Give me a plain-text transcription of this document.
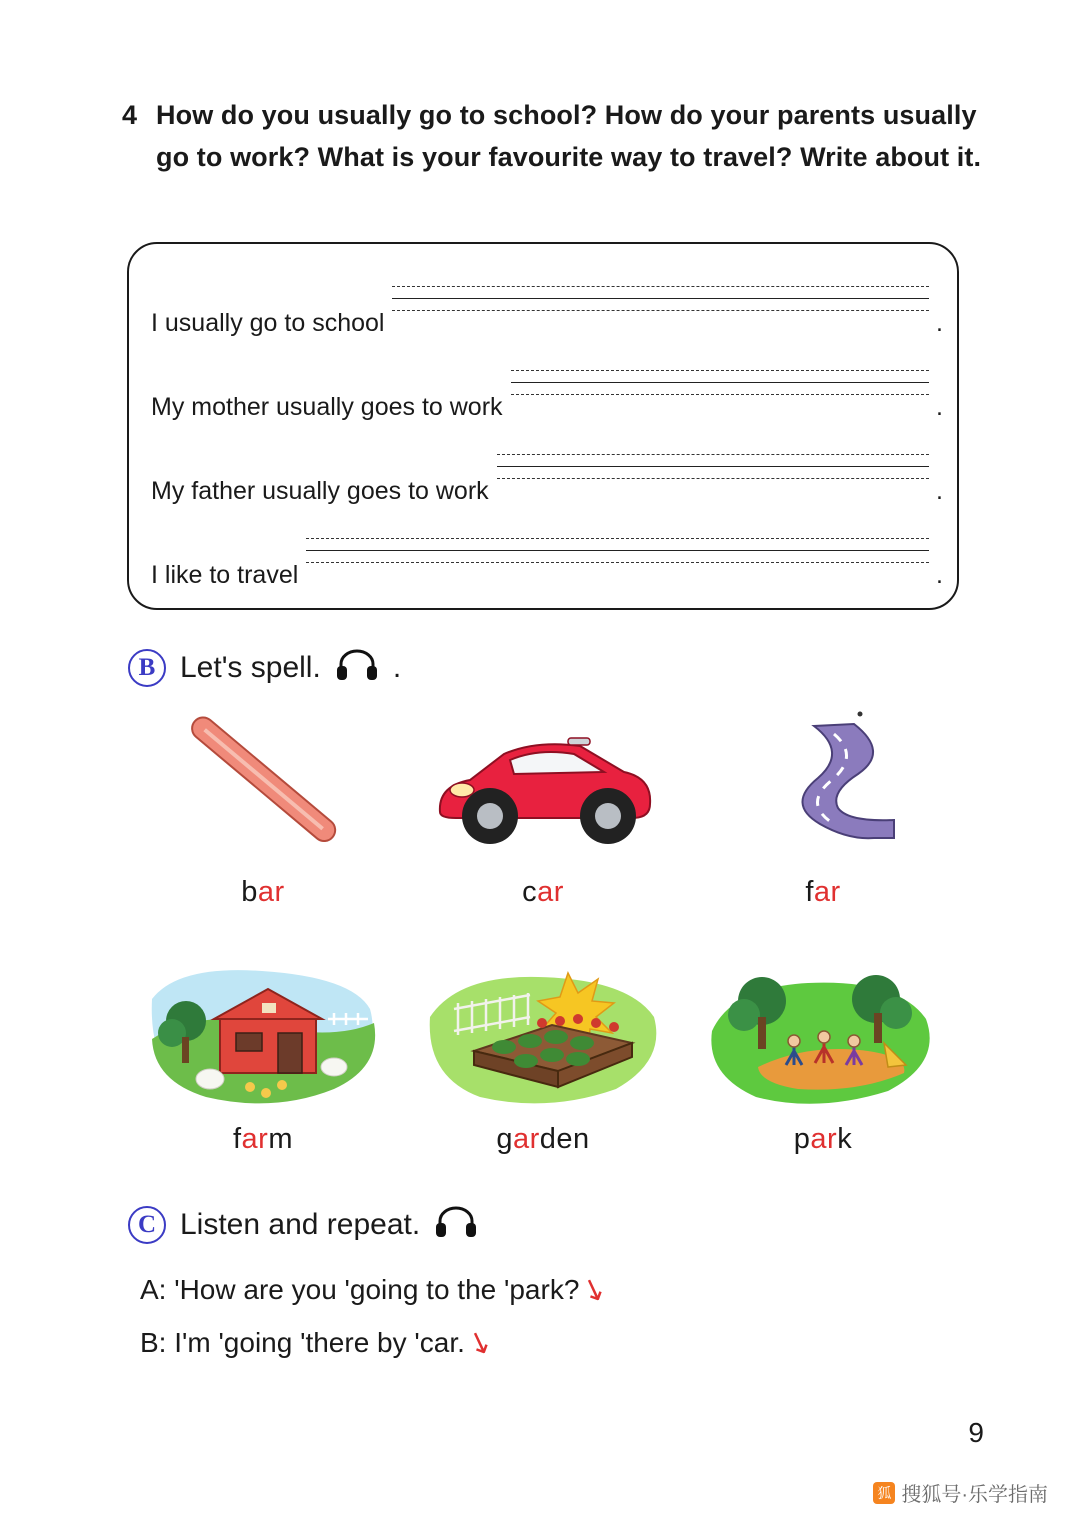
4 How do you usually go to school? How do your parents usually go to work? What is your favourite way to travel? Write about it.
I usually go to school	.
My mother usually goes to work	.
My father usually goes to work	.
I like to travel	.
B Let's spell. .
bar	car	far
farm	garden	park
C Listen and repeat.
A: 'How are you 'going to the 'park?↘
B: I'm 'going 'there by 'car.↘
9
狐 搜狐号·乐学指南
